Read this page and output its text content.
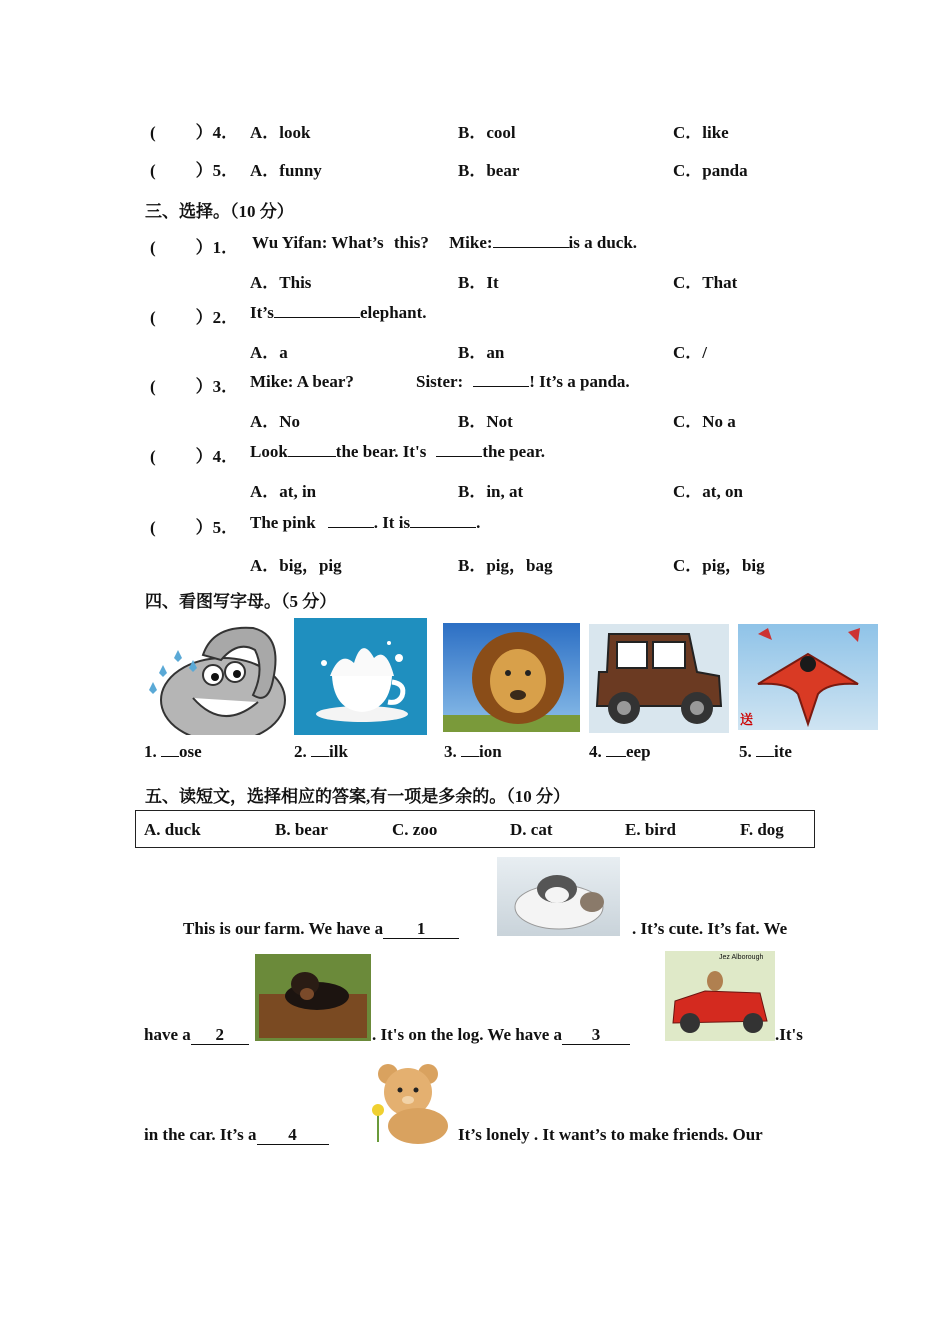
( ）4． A．look	B．cool	C．like
( ）5． A．funny	B．bear	C．panda
三、选择。（10 分）
( ）1． Wu Yifan: What’s this? Mike:	is a duck.
A．This	B．It	C．That
( ）2． It’s	elephant.
A．a	B．an	C．/
( ）3． Mike: A bear?	Sister:	! It’s a panda.
A．No	B．Not	C．No a
( ）4． Look	the bear. It's	the pear.
A．at, in	B．in, at	C．at, on
( ）5． The pink	. It is	.
A．big，pig	B．pig，bag	C．pig，big
四、看图写字母。（5 分）
送
1. ose	2. ilk	3. ion	4. eep	5. ite
五、读短文，选择相应的答案,有一项是多余的。（10 分）
A. duck	B. bear	C. zoo	D. cat	E. bird	F. dog
This is our farm. We have a 1	. It’s cute. It’s fat. We
Jez Alborough
have a 2	. It's on the log. We have a 3	.It's
in the car. It’s a 4	It’s lonely . It want’s to make friends. Our
